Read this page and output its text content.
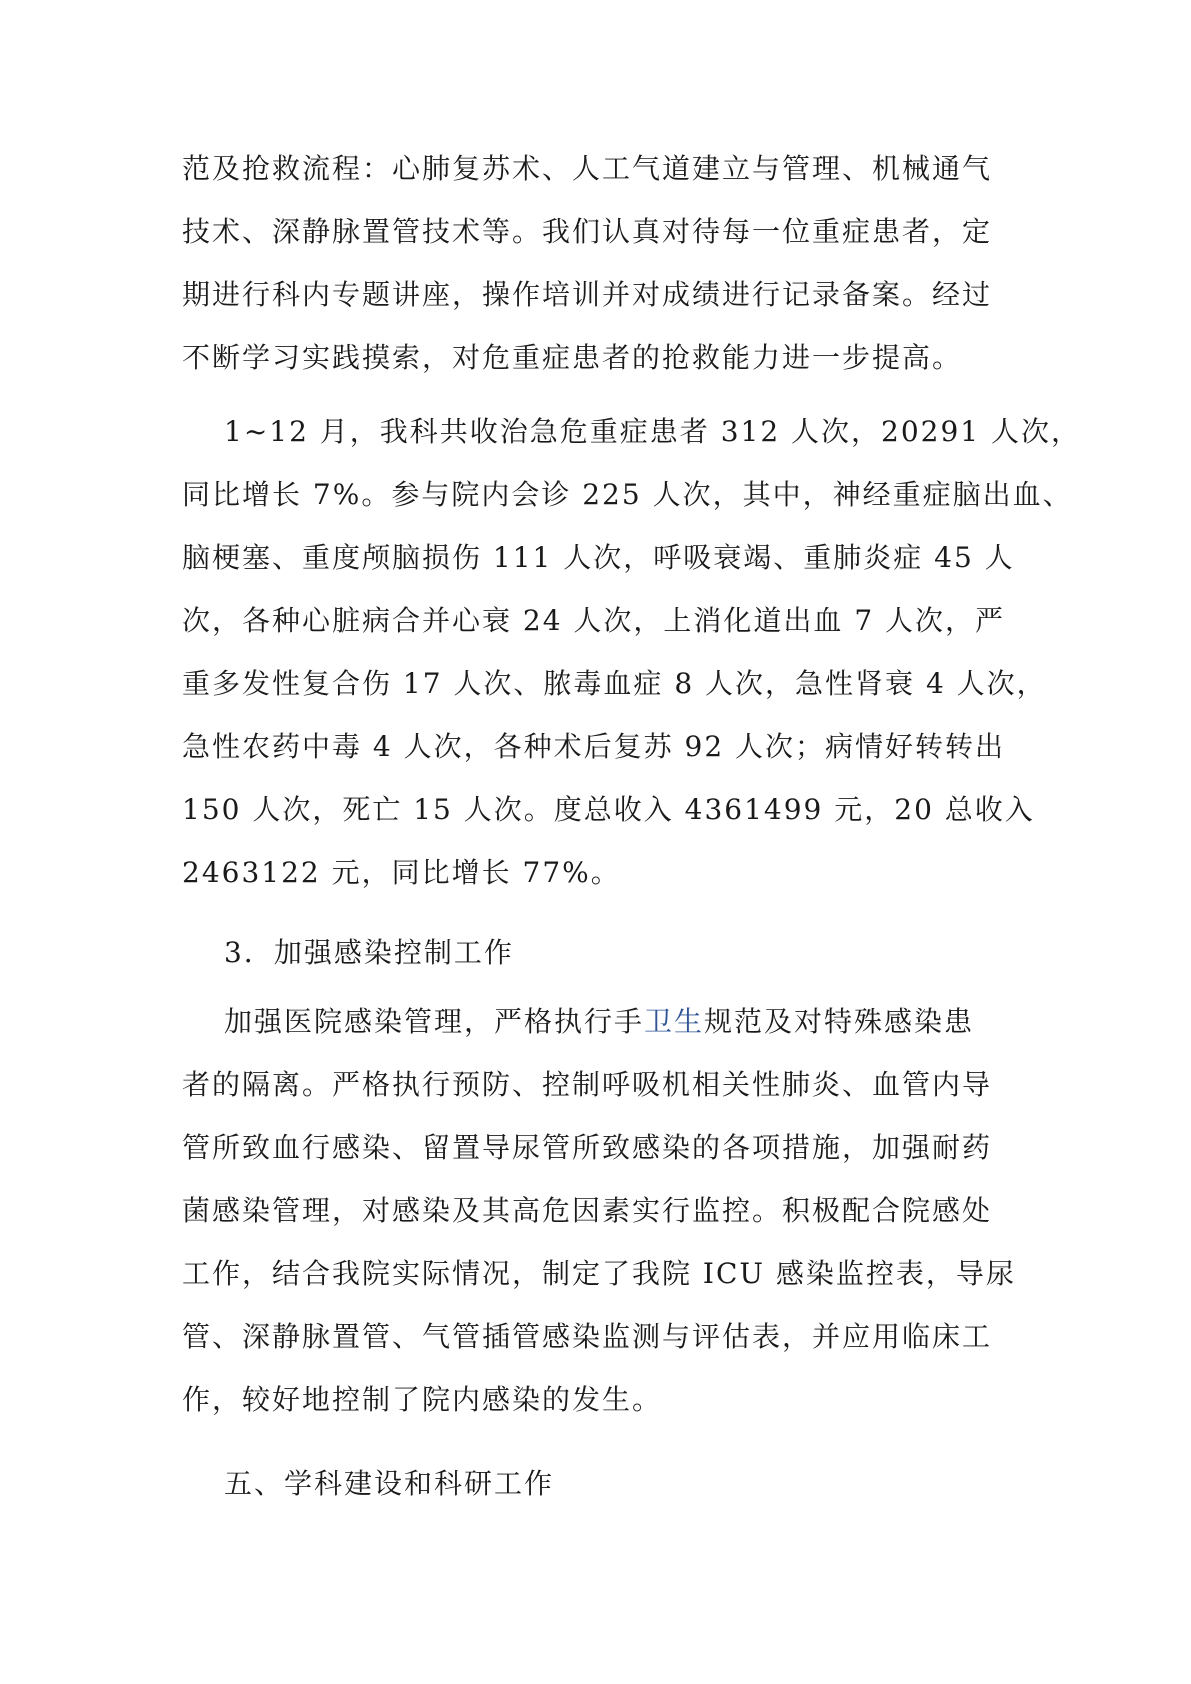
范及抢救流程：心肺复苏术、人工气道建立与管理、机械通气
技术、深静脉置管技术等。我们认真对待每一位重症患者，定
期进行科内专题讲座，操作培训并对成绩进行记录备案。经过
不断学习实践摸索，对危重症患者的抢救能力进一步提高。

1~12 月，我科共收治急危重症患者 312 人次，20291 人次，
同比增长 7%。参与院内会诊 225 人次，其中，神经重症脑出血、
脑梗塞、重度颅脑损伤 111 人次，呼吸衰竭、重肺炎症 45 人
次，各种心脏病合并心衰 24 人次，上消化道出血 7 人次，严
重多发性复合伤 17 人次、脓毒血症 8 人次，急性肾衰 4 人次，
急性农药中毒 4 人次，各种术后复苏 92 人次；病情好转转出
150 人次，死亡 15 人次。度总收入 4361499 元，20 总收入
2463122 元，同比增长 77%。

3．加强感染控制工作

加强医院感染管理，严格执行手卫生规范及对特殊感染患
者的隔离。严格执行预防、控制呼吸机相关性肺炎、血管内导
管所致血行感染、留置导尿管所致感染的各项措施，加强耐药
菌感染管理，对感染及其高危因素实行监控。积极配合院感处
工作，结合我院实际情况，制定了我院 ICU 感染监控表，导尿
管、深静脉置管、气管插管感染监测与评估表，并应用临床工
作，较好地控制了院内感染的发生。

五、学科建设和科研工作
